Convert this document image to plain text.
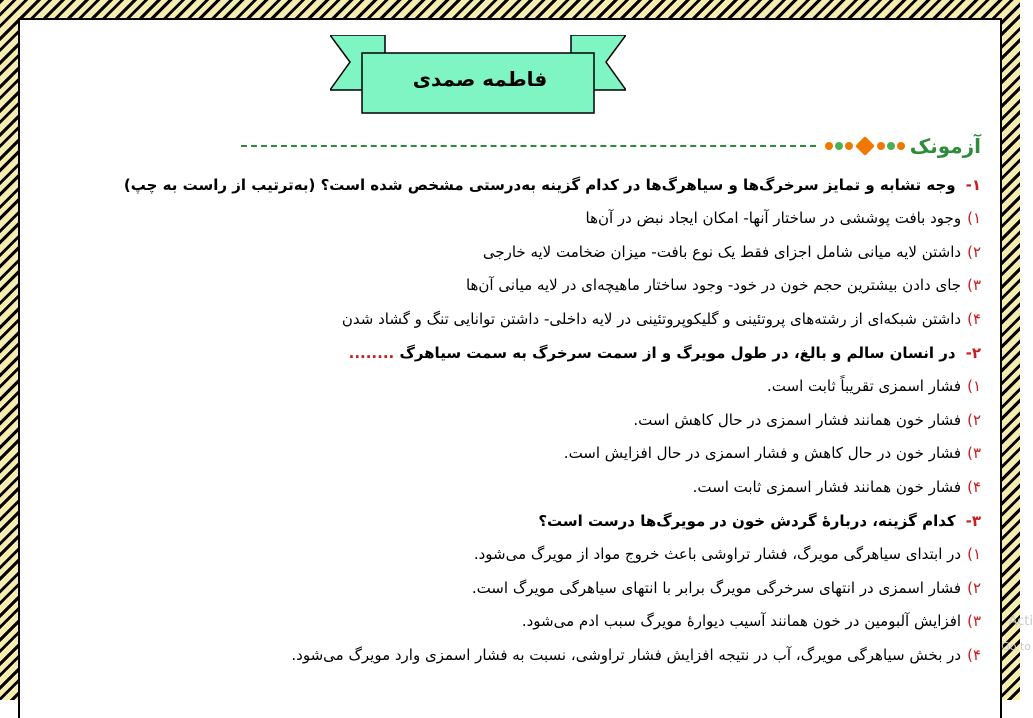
فاطمه صمدی
آزمونک
۱-وجه تشابه و تمایز سرخرگ‌ها و سیاهرگ‌ها در کدام گزینه به‌درستی مشخص شده است؟ (به‌ترتیب از راست به چپ)
۱)وجود بافت پوششی در ساختار آنها- امکان ایجاد نبض در آن‌ها
۲)داشتن لایه میانی شامل اجزای فقط یک نوع بافت- میزان ضخامت لایه خارجی
۳)جای دادن بیشترین حجم خون در خود- وجود ساختار ماهیچه‌ای در لایه میانی آن‌ها
۴)داشتن شبکه‌ای از رشته‌های پروتئینی و گلیکوپروتئینی در لایه داخلی- داشتن توانایی تنگ و گشاد شدن
۲-در انسان سالم و بالغ، در طول مویرگ و از سمت سرخرگ به سمت سیاهرگ ........
۱)فشار اسمزی تقریباً ثابت است.
۲)فشار خون همانند فشار اسمزی در حال کاهش است.
۳)فشار خون در حال کاهش و فشار اسمزی در حال افزایش است.
۴)فشار خون همانند فشار اسمزی ثابت است.
۳-کدام گزینه، دربارۀ گردش خون در مویرگ‌ها درست است؟
۱)در ابتدای سیاهرگی مویرگ، فشار تراوشی باعث خروج مواد از مویرگ می‌شود.
۲)فشار اسمزی در انتهای سرخرگی مویرگ برابر با انتهای سیاهرگی مویرگ است.
۳)افزایش آلبومین در خون همانند آسیب دیوارۀ مویرگ سبب ادم می‌شود.
۴)در بخش سیاهرگی مویرگ، آب در نتیجه افزایش فشار تراوشی، نسبت به فشار اسمزی وارد مویرگ می‌شود.
Acti
Go to
